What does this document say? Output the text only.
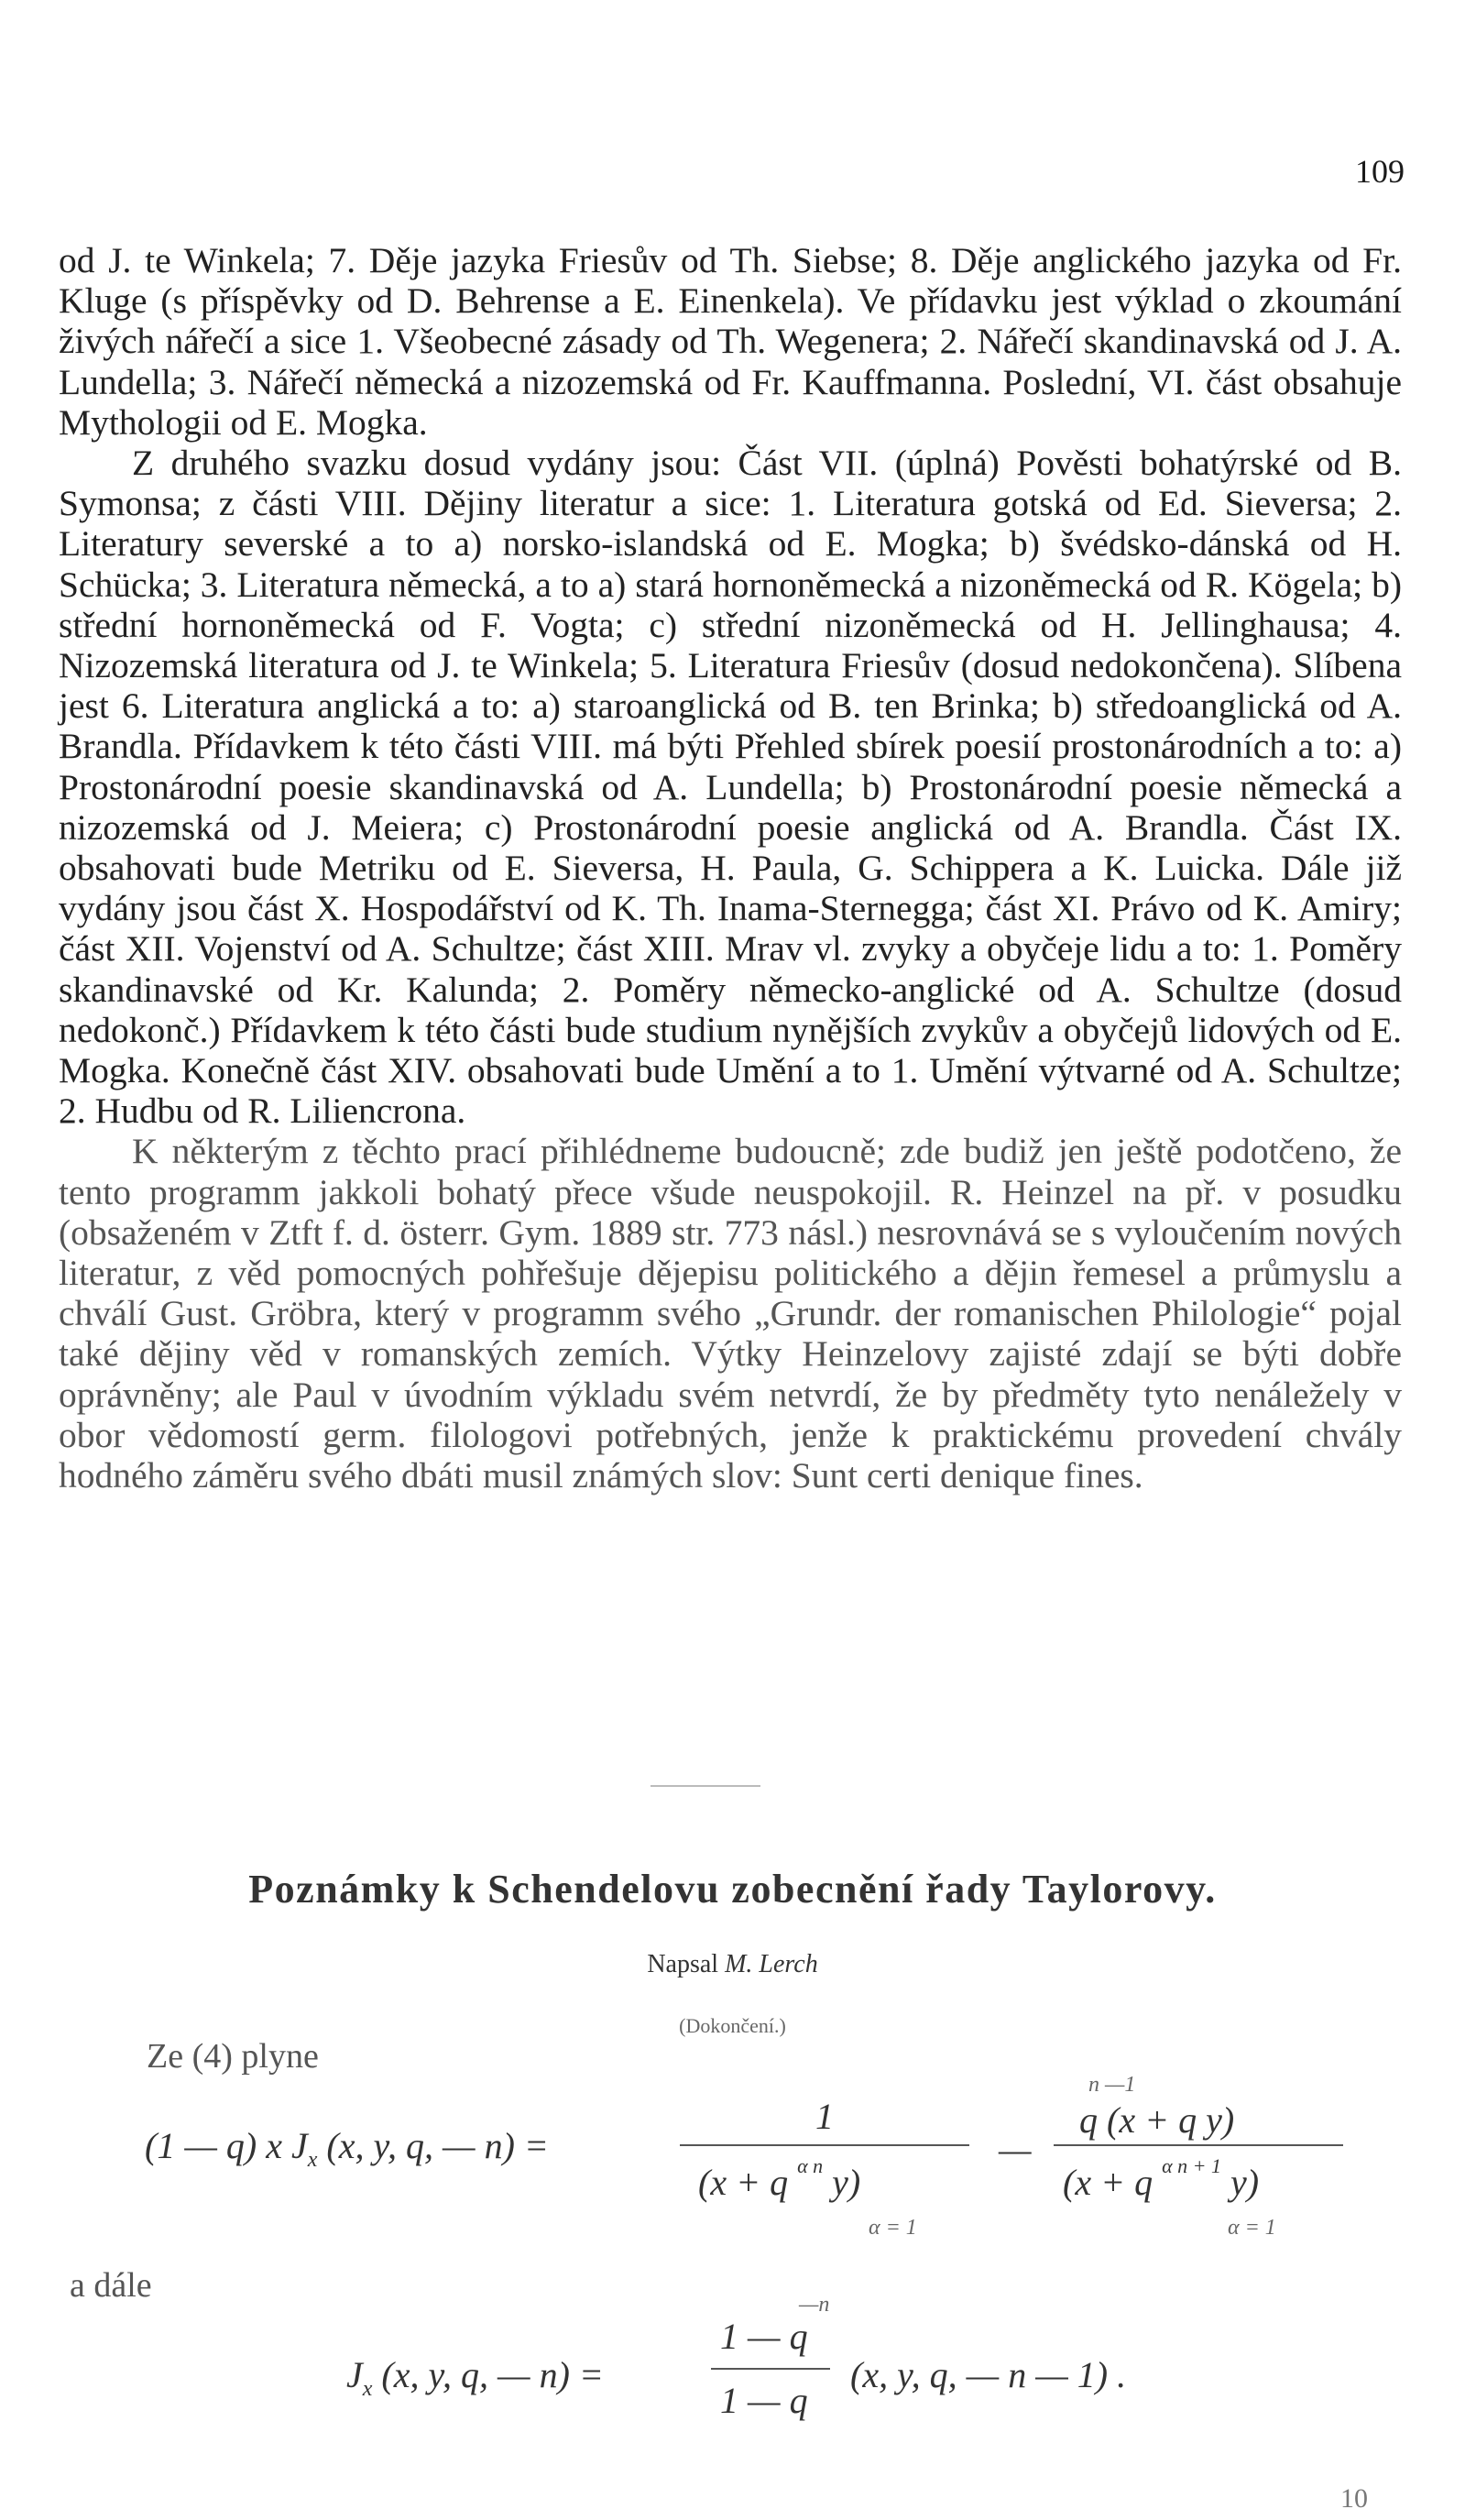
109

od J. te Winkela; 7. Děje jazyka Friesův od Th. Siebse; 8. Děje anglického jazyka od Fr. Kluge (s příspěvky od D. Behrense a E. Einenkela). Ve přídavku jest výklad o zkoumání živých nářečí a sice 1. Všeobecné zásady od Th. Wegenera; 2. Nářečí skandinavská od J. A. Lundella; 3. Nářečí německá a nizozemská od Fr. Kauffmanna. Poslední, VI. část obsahuje Mythologii od E. Mogka.

Z druhého svazku dosud vydány jsou: Část VII. (úplná) Pověsti bohatýrské od B. Symonsa; z části VIII. Dějiny literatur a sice: 1. Literatura gotská od Ed. Sieversa; 2. Literatury severské a to a) norsko-islandská od E. Mogka; b) švédsko-dánská od H. Schücka; 3. Literatura německá, a to a) stará hornoněmecká a nizoněmecká od R. Kögela; b) střední hornoněmecká od F. Vogta; c) střední nizoněmecká od H. Jellinghausa; 4. Nizozemská literatura od J. te Winkela; 5. Literatura Friesův (dosud nedokončena). Slíbena jest 6. Literatura anglická a to: a) staroanglická od B. ten Brinka; b) středoanglická od A. Brandla. Přídavkem k této části VIII. má býti Přehled sbírek poesií prostonárodních a to: a) Prostonárodní poesie skandinavská od A. Lundella; b) Prostonárodní poesie německá a nizozemská od J. Meiera; c) Prostonárodní poesie anglická od A. Brandla. Část IX. obsahovati bude Metriku od E. Sieversa, H. Paula, G. Schippera a K. Luicka. Dále již vydány jsou část X. Hospodářství od K. Th. Inama-Sternegga; část XI. Právo od K. Amiry; část XII. Vojenství od A. Schultze; část XIII. Mrav vl. zvyky a obyčeje lidu a to: 1. Poměry skandinavské od Kr. Kalunda; 2. Poměry německo-anglické od A. Schultze (dosud nedokonč.) Přídavkem k této části bude studium nynějších zvykův a obyčejů lidových od E. Mogka. Konečně část XIV. obsahovati bude Umění a to 1. Umění výtvarné od A. Schultze; 2. Hudbu od R. Liliencrona.

K některým z těchto prací přihlédneme budoucně; zde budiž jen ještě podotčeno, že tento programm jakkoli bohatý přece všude neuspokojil. R. Heinzel na př. v posudku (obsaženém v Ztft f. d. österr. Gym. 1889 str. 773 násl.) nesrovnává se s vyloučením nových literatur, z věd pomocných pohřešuje dějepisu politického a dějin řemesel a průmyslu a chválí Gust. Gröbra, který v programm svého „Grundr. der romanischen Philologie“ pojal také dějiny věd v romanských zemích. Výtky Heinzelovy zajisté zdají se býti dobře oprávněny; ale Paul v úvodním výkladu svém netvrdí, že by předměty tyto nenáležely v obor vědomostí germ. filologovi potřebných, jenže k praktickému provedení chvály hodného záměru svého dbáti musil známých slov: Sunt certi denique fines.

Poznámky k Schendelovu zobecnění řady Taylorovy.
Napsal M. Lerch
(Dokončení.)
Ze (4) plyne
(1 — q) x $J_x$ (x, y, q, — n) =
1
(x + q $^{\alpha n}$ y)
α = 1
—
n —1
q (x + q y)
(x + q $^{\alpha n + 1}$ y)
α = 1
a dále
$J_x$ (x, y, q, — n) =
—n
1 — q
1 — q
(x, y, q, — n — 1) .
10
